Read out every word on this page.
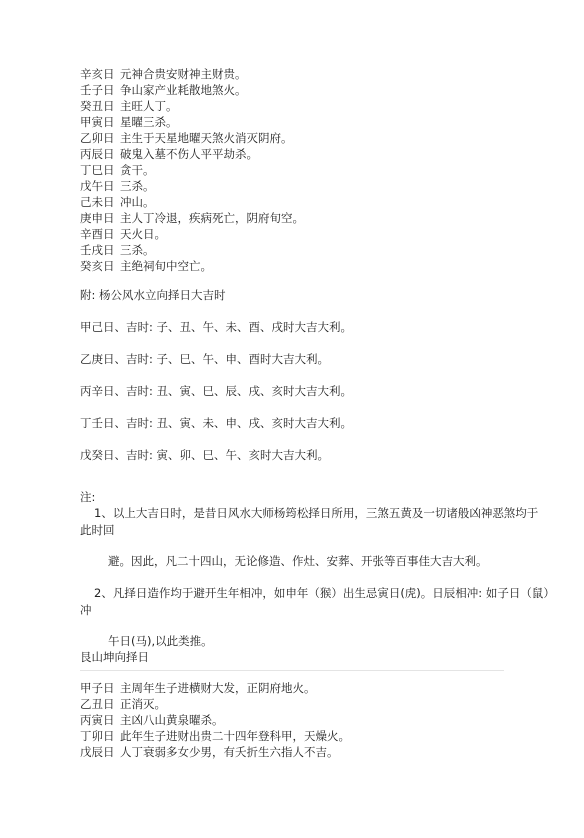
辛亥日 元神合贵安财神主财贵。
壬子日 争山家产业耗散地煞火。
癸丑日 主旺人丁。
甲寅日 星曜三杀。
乙卯日 主生于天星地曜天煞火消灭阴府。
丙辰日 破鬼入墓不伤人平平劫杀。
丁巳日 贪干。
戊午日 三杀。
己未日 冲山。
庚申日 主人丁冷退，疾病死亡，阴府旬空。
辛酉日 天火日。
壬戌日 三杀。
癸亥日 主绝祠旬中空亡。
附: 杨公风水立向择日大吉时
甲己日、吉时: 子、丑、午、未、酉、戌时大吉大利。
乙庚日、吉时: 子、巳、午、申、酉时大吉大利。
丙辛日、吉时: 丑、寅、巳、辰、戌、亥时大吉大利。
丁壬日、吉时: 丑、寅、未、申、戌、亥时大吉大利。
戊癸日、吉时: 寅、卯、巳、午、亥时大吉大利。
注:
1、以上大吉日时，是昔日风水大师杨筠松择日所用，三煞五黄及一切诸般凶神恶煞均于
此时回
避。因此，凡二十四山，无论修造、作灶、安葬、开张等百事佳大吉大利。
2、凡择日造作均于避开生年相冲，如申年（猴）出生忌寅日(虎)。日辰相冲: 如子日（鼠）
冲
午日(马),以此类推。
艮山坤向择日
甲子日 主周年生子进横财大发，正阴府地火。
乙丑日 正消灭。
丙寅日 主凶八山黄泉曜杀。
丁卯日 此年生子进财出贵二十四年登科甲，天燥火。
戊辰日 人丁衰弱多女少男，有夭折生六指人不吉。
